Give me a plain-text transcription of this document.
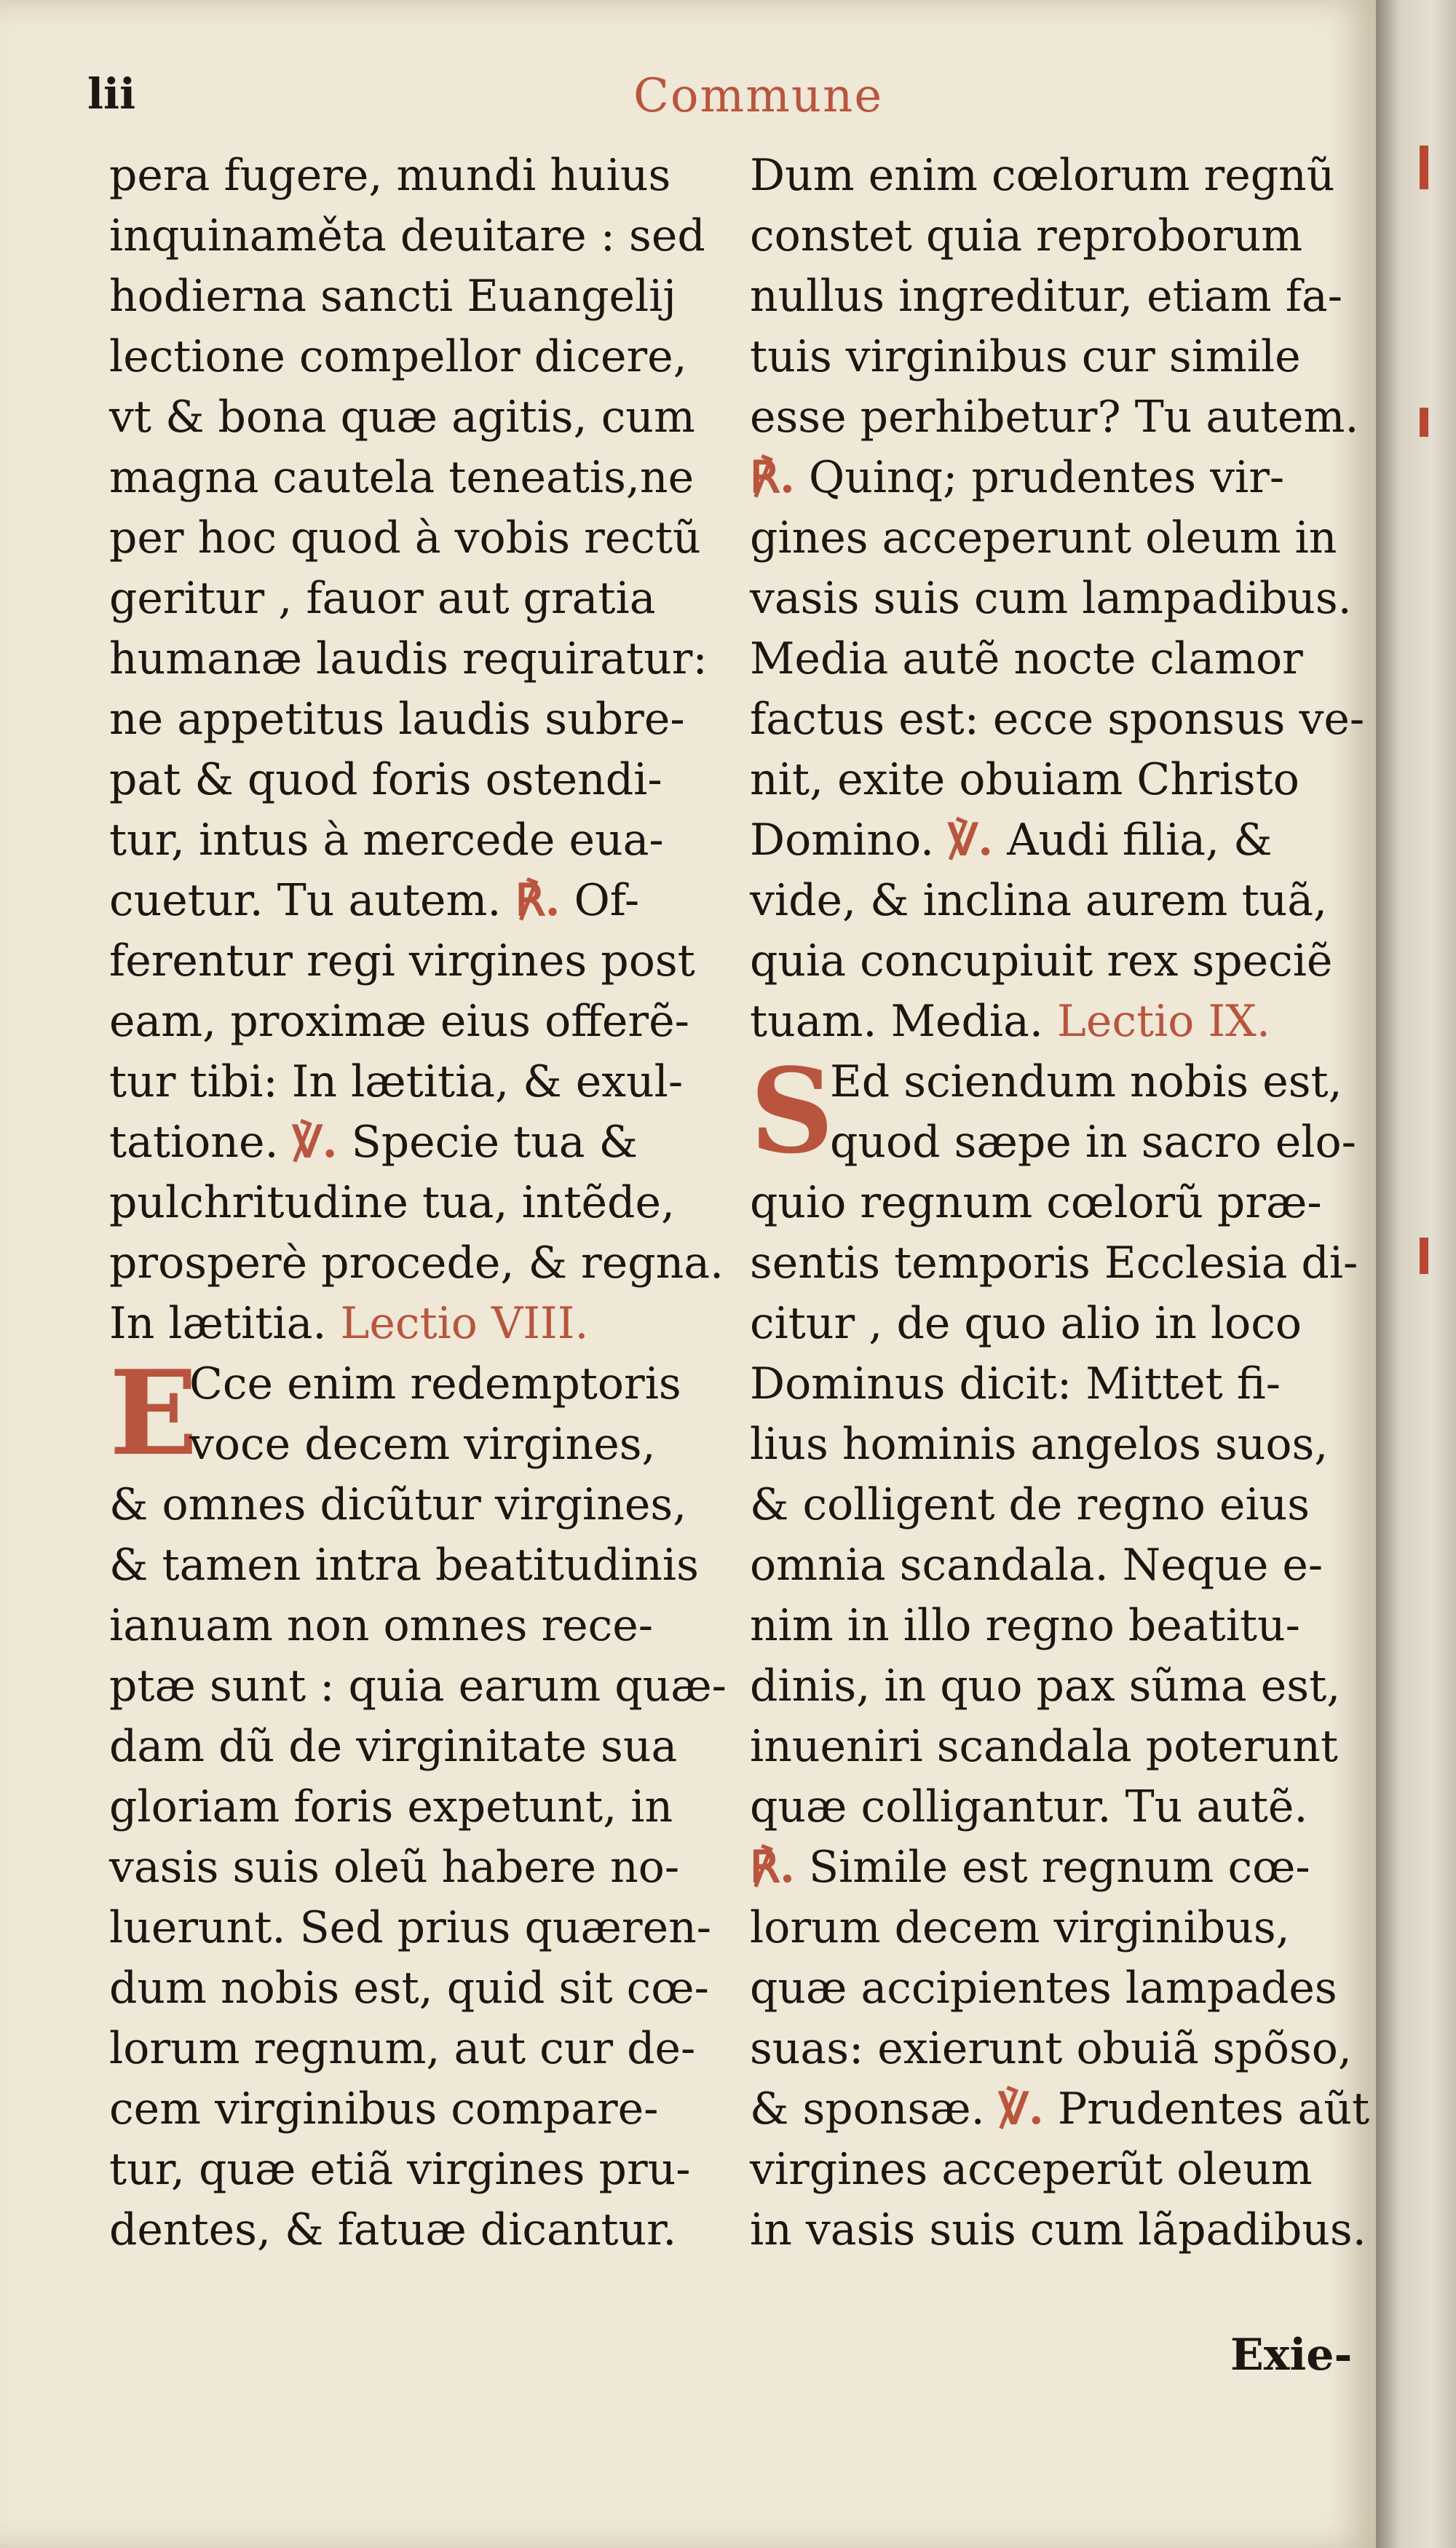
lii	Commune
pera fugere, mundi huius
inquinaměta deuitare : sed
hodierna sancti Euangelij
lectione compellor dicere,
vt & bona quæ agitis, cum
magna cautela teneatis,ne
per hoc quod à vobis rectũ
geritur , fauor aut gratia
humanæ laudis requiratur:
ne appetitus laudis subre-
pat & quod foris ostendi-
tur, intus à mercede eua-
cuetur. Tu autem. ℟. Of-
ferentur regi virgines post
eam, proximæ eius offerẽ-
tur tibi: In lætitia, & exul-
tatione. ℣. Specie tua &
pulchritudine tua, intẽde,
prosperè procede, & regna.
In lætitia. Lectio VIII.
E
Cce enim redemptoris
voce decem virgines,
& omnes dicũtur virgines,
& tamen intra beatitudinis
ianuam non omnes rece-
ptæ sunt : quia earum quæ-
dam dũ de virginitate sua
gloriam foris expetunt, in
vasis suis oleũ habere no-
luerunt. Sed prius quæren-
dum nobis est, quid sit cœ-
lorum regnum, aut cur de-
cem virginibus compare-
tur, quæ etiã virgines pru-
dentes, & fatuæ dicantur.
Dum enim cœlorum regnũ
constet quia reproborum
nullus ingreditur, etiam fa-
tuis virginibus cur simile
esse perhibetur? Tu autem.
℟. Quinq; prudentes vir-
gines acceperunt oleum in
vasis suis cum lampadibus.
Media autẽ nocte clamor
factus est: ecce sponsus ve-
nit, exite obuiam Christo
Domino. ℣. Audi filia, &
vide, & inclina aurem tuã,
quia concupiuit rex speciẽ
tuam. Media. Lectio IX.
S
Ed sciendum nobis est,
quod sæpe in sacro elo-
quio regnum cœlorũ præ-
sentis temporis Ecclesia di-
citur , de quo alio in loco
Dominus dicit: Mittet fi-
lius hominis angelos suos,
& colligent de regno eius
omnia scandala. Neque e-
nim in illo regno beatitu-
dinis, in quo pax sũma est,
inueniri scandala poterunt
quæ colligantur. Tu autẽ.
℟. Simile est regnum cœ-
lorum decem virginibus,
quæ accipientes lampades
suas: exierunt obuiã spõso,
& sponsæ. ℣. Prudentes aũt
virgines acceperũt oleum
in vasis suis cum lãpadibus.
Exie-
